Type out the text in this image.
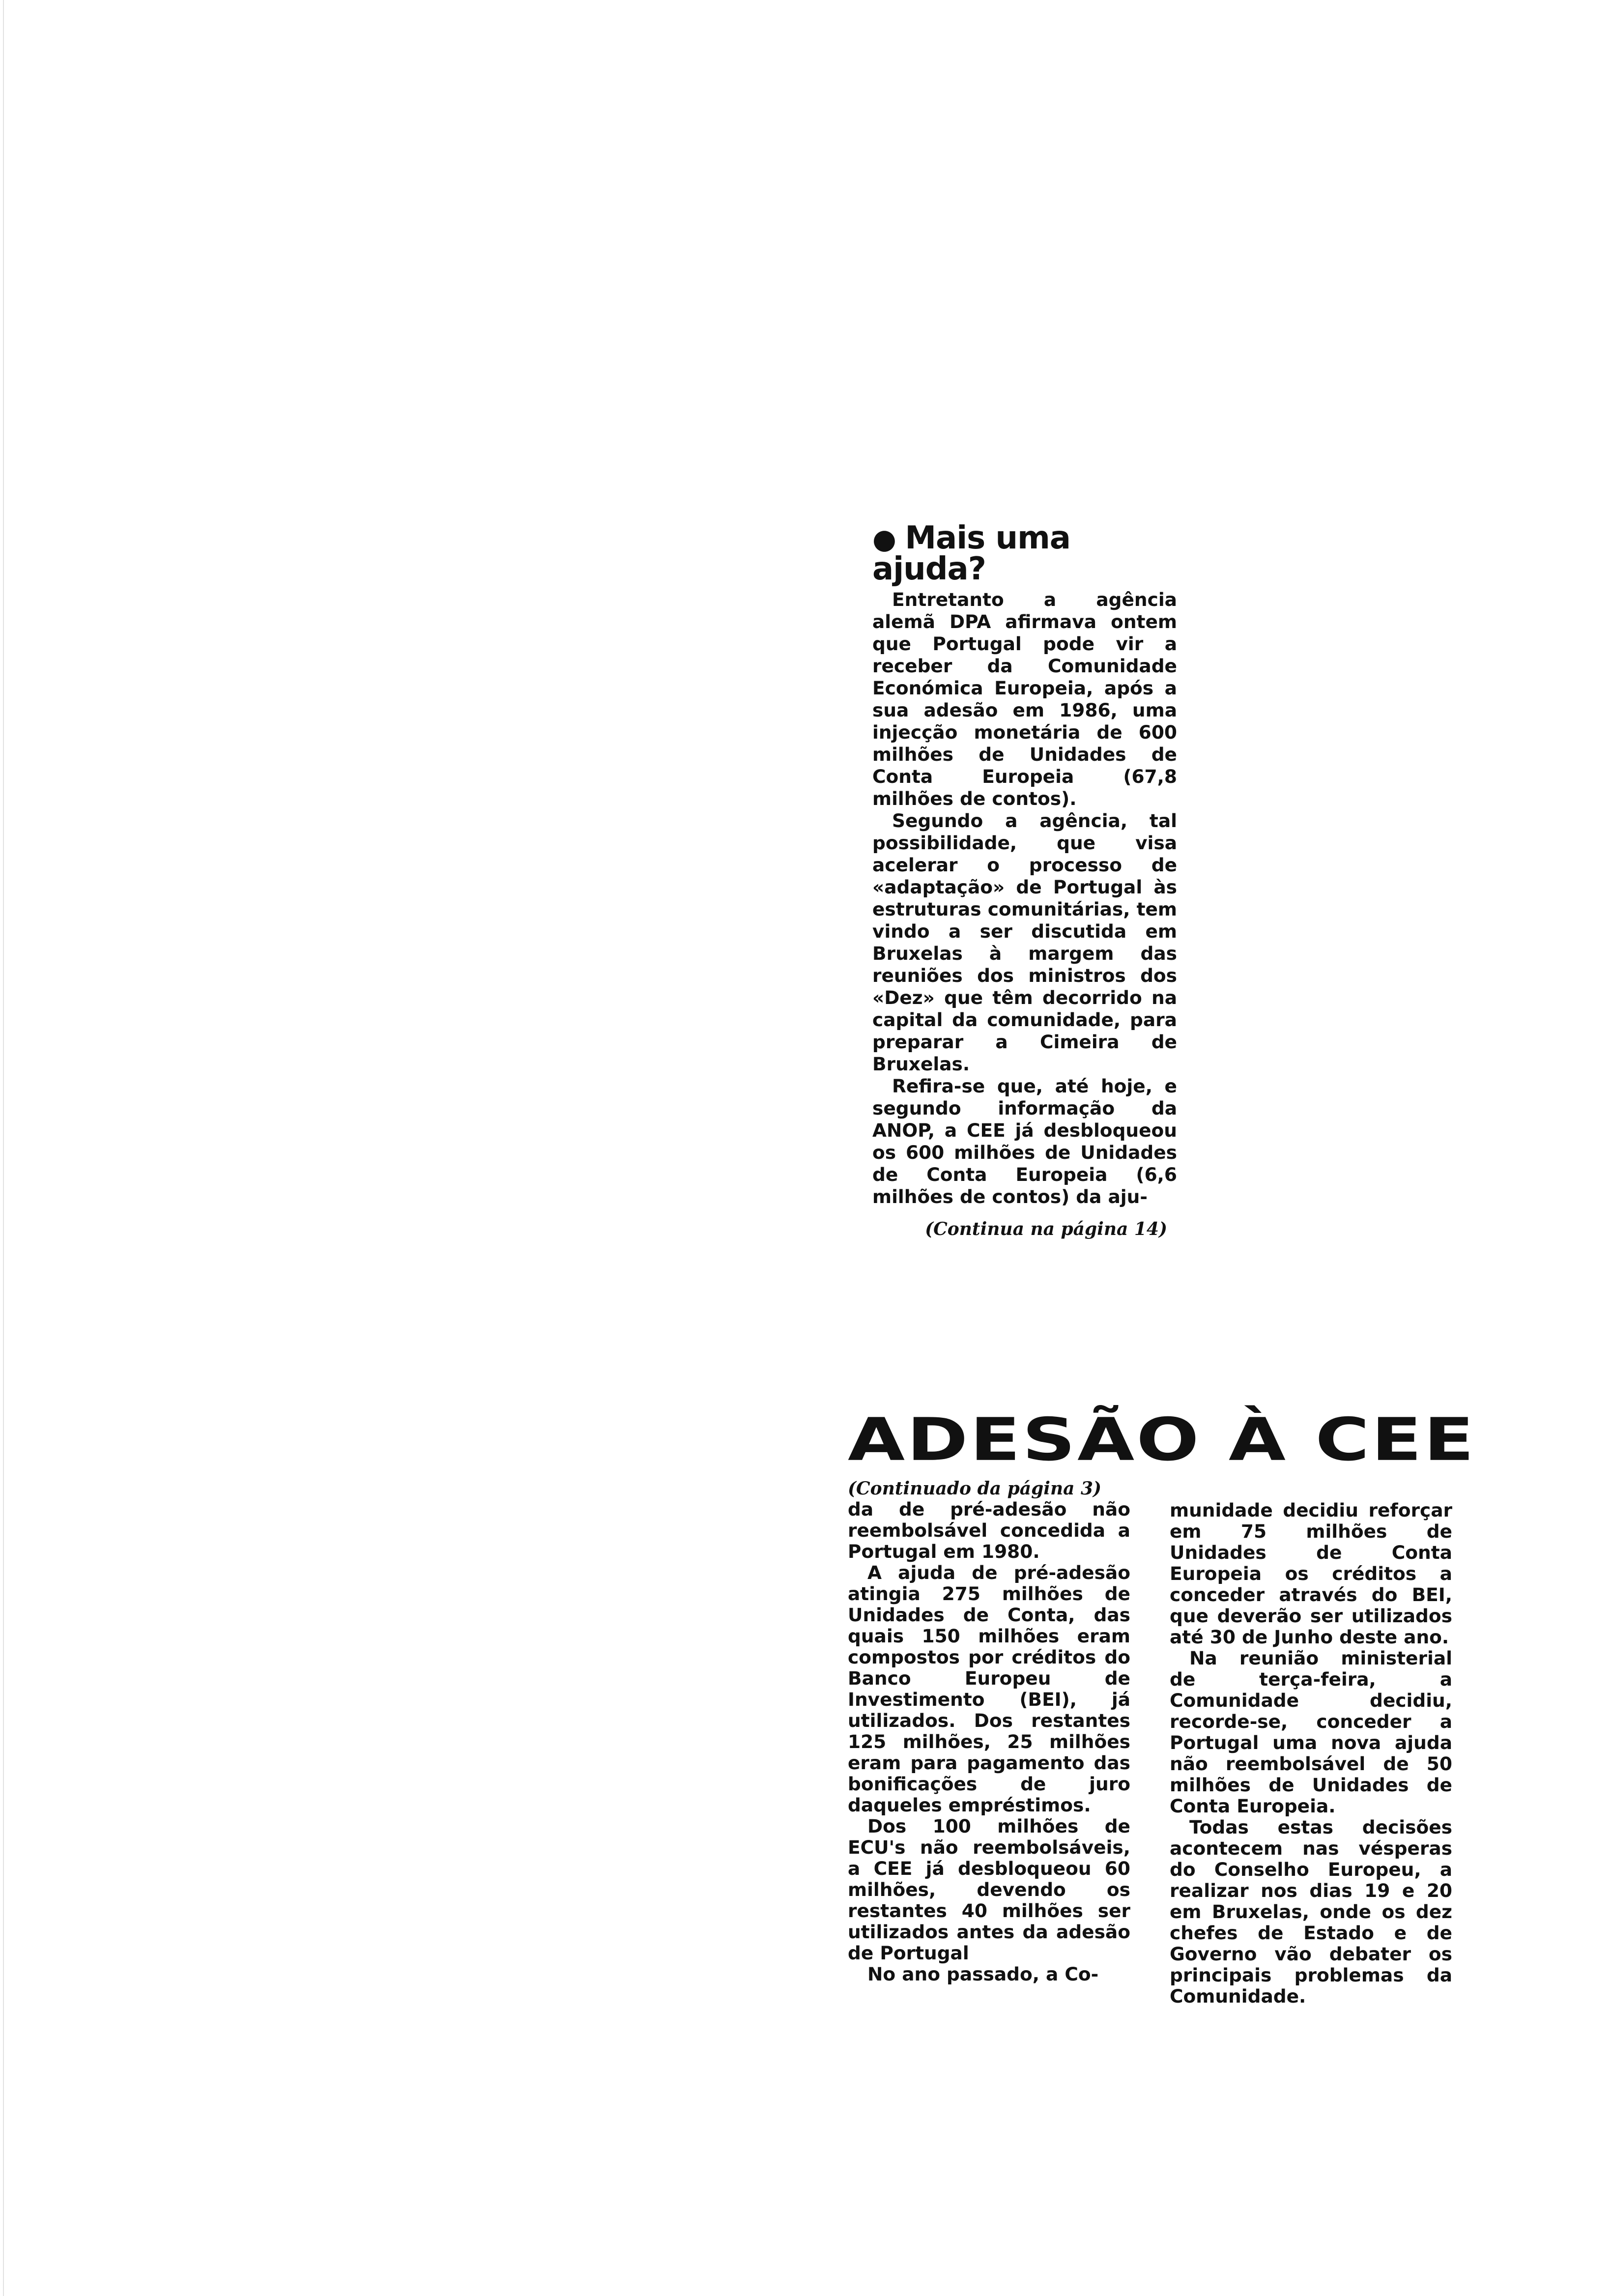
● Mais uma ajuda?

Entretanto a agência alemã DPA afirmava ontem que Portugal pode vir a receber da Comunidade Económica Europeia, após a sua adesão em 1986, uma injecção monetária de 600 milhões de Unidades de Conta Europeia (67,8 milhões de contos).

Segundo a agência, tal possibilidade, que visa acelerar o processo de «adaptação» de Portugal às estruturas comunitárias, tem vindo a ser discutida em Bruxelas à margem das reuniões dos ministros dos «Dez» que têm decorrido na capital da comunidade, para preparar a Cimeira de Bruxelas.

Refira-se que, até hoje, e segundo informação da ANOP, a CEE já desbloqueou os 600 milhões de Unidades de Conta Europeia (6,6 milhões de contos) da aju-

(Continua na página 14)
ADESÃO À CEE
(Continuado da página 3)

da de pré-adesão não reembolsável concedida a Portugal em 1980.

A ajuda de pré-adesão atingia 275 milhões de Unidades de Conta, das quais 150 milhões eram compostos por créditos do Banco Europeu de Investimento (BEI), já utilizados. Dos restantes 125 milhões, 25 milhões eram para pagamento das bonificações de juro daqueles empréstimos.

Dos 100 milhões de ECU's não reembolsáveis, a CEE já desbloqueou 60 milhões, devendo os restantes 40 milhões ser utilizados antes da adesão de Portugal

No ano passado, a Co-

munidade decidiu reforçar em 75 milhões de Unidades de Conta Europeia os créditos a conceder através do BEI, que deverão ser utilizados até 30 de Junho deste ano.

Na reunião ministerial de terça-feira, a Comunidade decidiu, recorde-se, conceder a Portugal uma nova ajuda não reembolsável de 50 milhões de Unidades de Conta Europeia.

Todas estas decisões acontecem nas vésperas do Conselho Europeu, a realizar nos dias 19 e 20 em Bruxelas, onde os dez chefes de Estado e de Governo vão debater os principais problemas da Comunidade.
